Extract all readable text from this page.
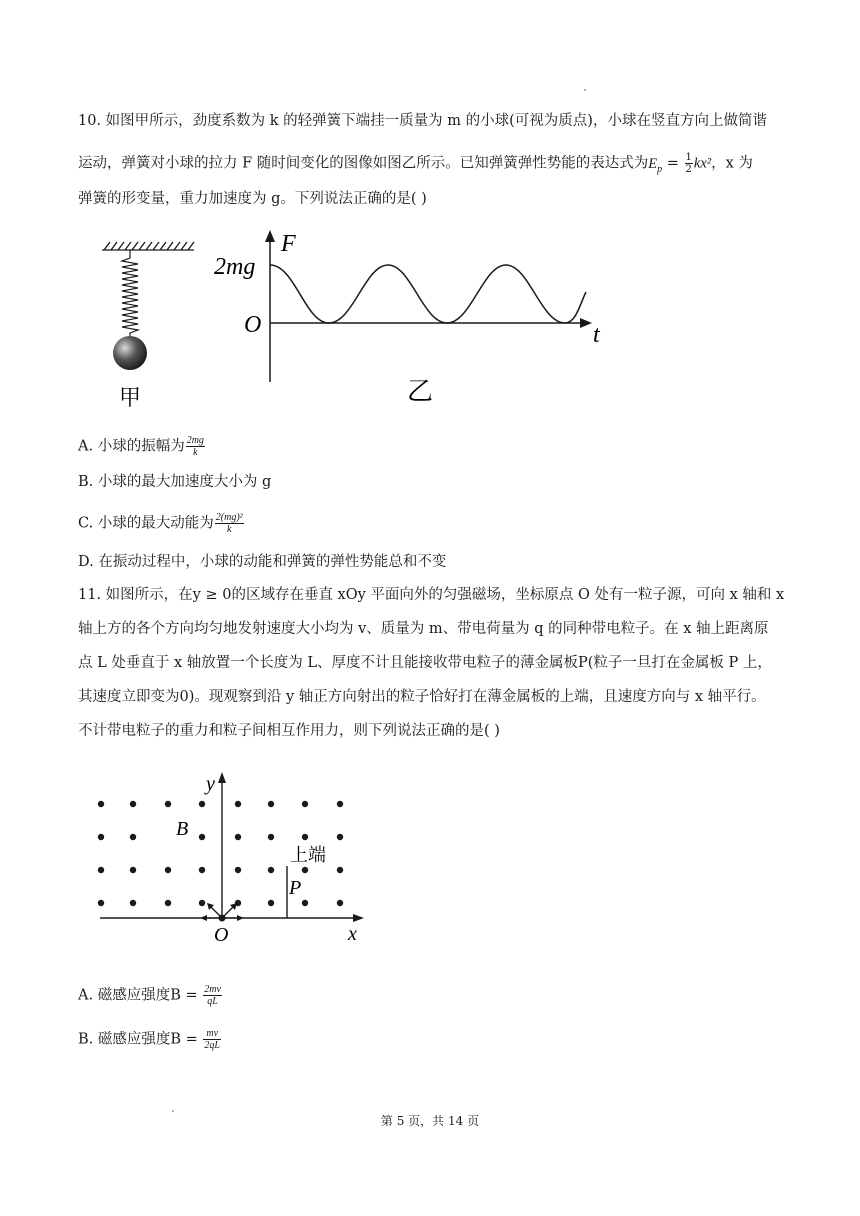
10. 如图甲所示，劲度系数为 k 的轻弹簧下端挂一质量为 m 的小球(可视为质点)，小球在竖直方向上做简谐
运动，弹簧对小球的拉力 F 随时间变化的图像如图乙所示。已知弹簧弹性势能的表达式为$E_p = \frac{1}{2} kx^2$，x 为
弹簧的形变量，重力加速度为 g。下列说法正确的是( )
甲
F
t
2mg
O
乙
A. 小球的振幅为 $\frac{2mg}{k}$
B. 小球的最大加速度大小为 g
C. 小球的最大动能为 $\frac{\text{2(mg)²}}{k}$
D. 在振动过程中，小球的动能和弹簧的弹性势能总和不变
11. 如图所示，在y ≥ 0的区域存在垂直 xOy 平面向外的匀强磁场，坐标原点 O 处有一粒子源，可向 x 轴和 x
轴上方的各个方向均匀地发射速度大小均为 v、质量为 m、带电荷量为 q 的同种带电粒子。在 x 轴上距离原
点 L 处垂直于 x 轴放置一个长度为 L、厚度不计且能接收带电粒子的薄金属板P(粒子一旦打在金属板 P 上，
其速度立即变为0)。现观察到沿 y 轴正方向射出的粒子恰好打在薄金属板的上端，且速度方向与 x 轴平行。
不计带电粒子的重力和粒子间相互作用力，则下列说法正确的是( )
y
x
O
B
上端
P
A. 磁感应强度$B = \frac{2mv}{qL}$
B. 磁感应强度$B = \frac{mv}{2qL}$
第 5 页，共 14 页
